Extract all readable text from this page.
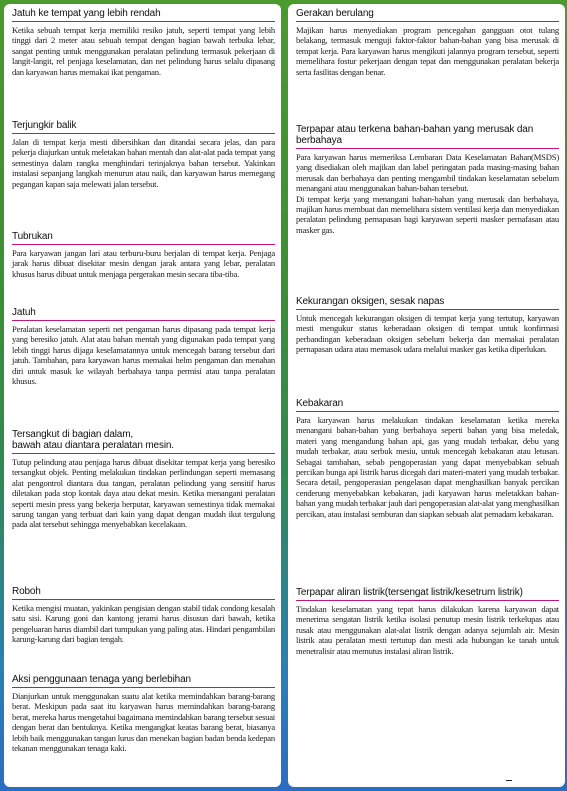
Jatuh ke tempat yang lebih rendah

Ketika sebuah tempat kerja memiliki resiko jatuh, seperti tempat yang lebih tinggi dari 2 meter atau sebuah tempat dengan bagian bawah terbuka lebar, sangat penting untuk menggunakan peralatan pelindung termasuk pekerjaan di langit-langit, rel penjaga keselamatan, dan net pelindung harus selalu dipasang dan karyawan harus memakai ikat pengaman.

Terjungkir balik

Jalan di tempat kerja mesti dibersihkan dan ditandai secara jelas, dan para pekerja diajurkan untuk meletakan bahan mentah dan alat-alat pada tempat yang semestinya dalam rangka menghindari terinjaknya bahan tersebut. Yakinkan instalasi sepanjang langkah menurun atau naik, dan karyawan harus memegang pegangan kapan saja melewati jalan tersebut.

Tubrukan

Para karyawan jangan lari atau terburu-buru berjalan di tempat kerja. Penjaga jarak harus dibuat disekitar mesin dengan jarak antara yang lebar, peralatan khusus harus dibuat untuk menjaga pergerakan mesin secara tiba-tiba.

Jatuh

Peralatan keselamatan seperti net pengaman harus dipasang pada tempat kerja yang beresiko jatuh. Alat atau bahan mentah yang digunakan pada tempat yang lebih tinggi harus dijaga keselamatannya untuk mencegah barang tersebut dari jatuh. Tambahan, para karyawan harus memakai helm pengaman dan menahan diri untuk masuk ke wilayah berbahaya tanpa permisi atau tanpa peralatan khusus.

Tersangkut di bagian dalam,
bawah atau diantara peralatan mesin.

Tutup pelindung atau penjaga harus dibuat disekitar tempat kerja yang beresiko tersangkut objek. Penting melakukan tindakan perlindungan seperti memasang alat pengontrol diantara dua tangan, peralatan pelindung yang sensitif harus diletakan pada stop kontak daya atau dekat mesin. Ketika menangani peralatan seperti mesin press yang bekerja berputar, karyawan semestinya tidak memakai sarung tangan yang terbuat dari kain yang dapat dengan mudah ikut tergulung pada alat tersebut sehingga menyebabkan kecelakaan.

Roboh

Ketika mengisi muatan, yakinkan pengisian dengan stabil tidak condong kesalah satu sisi. Karung goni dan kantong jerami harus disusun dari bawah, ketika pengeluaran harus diambil dari tumpukan yang paling atas. Hindari pengambilan karung-karung dari bagian tengah.

Aksi penggunaan tenaga yang berlebihan

Dianjurkan untuk menggunakan suatu alat ketika memindahkan barang-barang berat. Meskipun pada saat itu karyawan harus memindahkan barang-barang berat, mereka harus mengetahui bagaimana memindahkan barang tersebut sesuai dengan berat dan bentuknya. Ketika mengangkat keatas barang berat, biasanya lebih baik menggunakan tangan lurus dan menekan bagian badan benda kedepan tekanan menggunakan tenaga kaki.

Gerakan berulang

Majikan harus menyediakan program pencegahan gangguan otot tulang belakang, termasuk menguji faktor-faktor bahan-bahan yang bisa merusak di tempat kerja. Para karyawan harus mengikuti jalannya program tersebut, seperti memelihara fostur pekerjaan dengan tepat dan menggunakan peralatan bekerja serta fasilitas dengan benar.

Terpapar atau terkena bahan-bahan yang merusak dan berbahaya

Para karyawan harus memeriksa Lembaran Data Keselamatan Bahan(MSDS) yang disediakan oleh majikan dan label peringatan pada masing-masing bahan merusak dan berbahaya dan penting mengambil tindakan keselamatan sebelum menangani atau menggunakan bahan-bahan tersebut.

Di tempat kerja yang menangani bahan-bahan yang merusak dan berbahaya, majikan harus membuat dan memelihara sistem ventilasi kerja dan menyediakan peralatan pelindung pernapasan bagi karyawan seperti masker pernafasan atau masker gas.

Kekurangan oksigen, sesak napas

Untuk mencegah kekurangan oksigen di tempat kerja yang tertutup, karyawan mesti mengukur status keberadaan oksigen di tempat untuk konfirmasi perbandingan keberadaan oksigen sebelum bekerja dan memakai peralatan pernapasan udara atau memasok udara melalui masker gas ketika diperlukan.

Kebakaran

Para karyawan harus melakukan tindakan keselamatan ketika mereka menangani bahan-bahan yang berbahaya seperti bahan yang bisa meledak, materi yang mengandung bahan api, gas yang mudah terbakar, debu yang mudah terbakar, atau serbuk mesiu, untuk mencegah kebakaran atau letusan. Sebagai tambahan, sebab pengoperasian yang dapat menyebabkan sebuah percikan bunga api listrik harus dicegah dari materi-materi yang mudah terbakar. Secara detail, pengoperasian pengelasan dapat menghasilkan banyak percikan cenderung menyebabkan kebakaran, jadi karyawan harus meletakkan bahan-bahan yang mudah terbakar jauh dari pengoperasian alat-alat yang menghasilkan percikan, atau instalasi semburan dan siapkan sebuah alat pemadam kebakaran.

Terpapar aliran listrik(tersengat listrik/kesetrum listrik)

Tindakan keselamatan yang tepat harus dilakukan karena karyawan dapat menerima sengatan listrik ketika isolasi penutup mesin listrik terkelupas atau rusak atau menggunakan alat-alat listrik dengan adanya sejumlah air. Mesin listrik atau peralatan mesti tertutup dan mesti ada hubungan ke tanah untuk menetralisir atau memutus instalasi aliran listrik.
